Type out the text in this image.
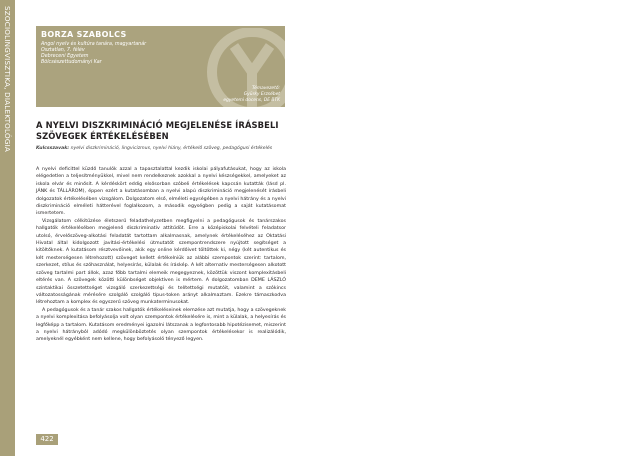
SZOCIOLINGVISZTIKA, DIALEKTOLÓGIA
422
BORZA SZABOLCS
Angol nyelv és kultúra tanára, magyartanár
Osztatlan, 7. félév
Debreceni Egyetem
Bölcsészettudományi Kar
Témavezető:
Gyürky Erzsébet
egyetemi docens, DE BTK
A NYELVI DISZKRIMINÁCIÓ MEGJELENÉSE ÍRÁSBELI SZÖVEGEK ÉRTÉKELÉSÉBEN
Kulcsszavak: nyelvi diszkrimináció, lingvicizmus, nyelvi hiány, értékelő szöveg, pedagógusi értékelés

A nyelvi deficittel küzdő tanulók azzal a tapasztalattal kezdik iskolai pályafutásukat, hogy az iskola elégedetlen a teljesítményükkel, mivel nem rendelkeznek azokkal a nyelvi készségekkel, amelyeket az iskola elvár és minősít. A kérdéskört eddig elsősorban szóbeli értékelések kapcsán kutatták (lásd pl. JÁNK és TÁLLÁROM), éppen ezért a kutatásomban a nyelvi alapú diszkrimináció megjelenését írásbeli dolgozatok értékelésében vizsgálom. Dolgozatom első, elméleti egységében a nyelvi hátrány és a nyelvi diszkrimináció elméleti hátterével foglalkozom, a második egységben pedig a saját kutatásomat ismertetem.

Vizsgálatom célkitűzése életszerű feladathelyzetben megfigyelni a pedagógusok és tanárszakos hallgatók értékelésében megjelenő diszkriminatív attitűdöt. Erre a középiskolai felvételi feladatsor utolsó, érvelőszöveg-alkotási feladatát tartottam alkalmasnak, amelynek értékeléséhez az Oktatási Hivatal által kidolgozott javítási-értékelési útmutatót szempontrendszere nyújtott segítséget a kitöltőknek. A kutatásom résztvevőinek, akik egy online kérdőívet töltöttek ki, négy (két autentikus és két mesterségesen létrehozott) szöveget kellett értékelniük az alábbi szempontok szerint: tartalom, szerkezet, stílus és szóhasználat, helyesírás, külalak és íráskép. A két alternatív mesterségesen alkotott szöveg tartalmi part állok, azaz főbb tartalmi elemeik megegyeznek, közöttük viszont komplexitásbeli eltérés van. A szövegek közötti különbséget objektíven is mértem. A dolgozatomban DEME LÁSZLÓ szintaktikai összetettséget vizsgáló szerkezettségi és telítettségi mutatóit, valamint a szókincs változatosságának mérésére szolgáló szolgáló típus-token arányt alkalmaztam. Ezekre támaszkodva létrehoztam a komplex és egyszerű szöveg munkaterminusokat.

A pedagógusok és a tanár szakos hallgatók értékeléseinek elemzése azt mutatja, hogy a szövegeknek a nyelvi komplexitása befolyásolja volt olyan szempontok értékelésére is, mint a külalak, a helyesírás és legfőképp a tartalom. Kutatásom eredményei igazolni látszanak a legfontosabb hipotézisemet, miszerint a nyelvi hátrányból adódó megkülönböztetés olyan szempontok értékelésekor is realizálódik, amelyeknél egyébként nem kellene, hogy befolyásoló tényező legyen.
